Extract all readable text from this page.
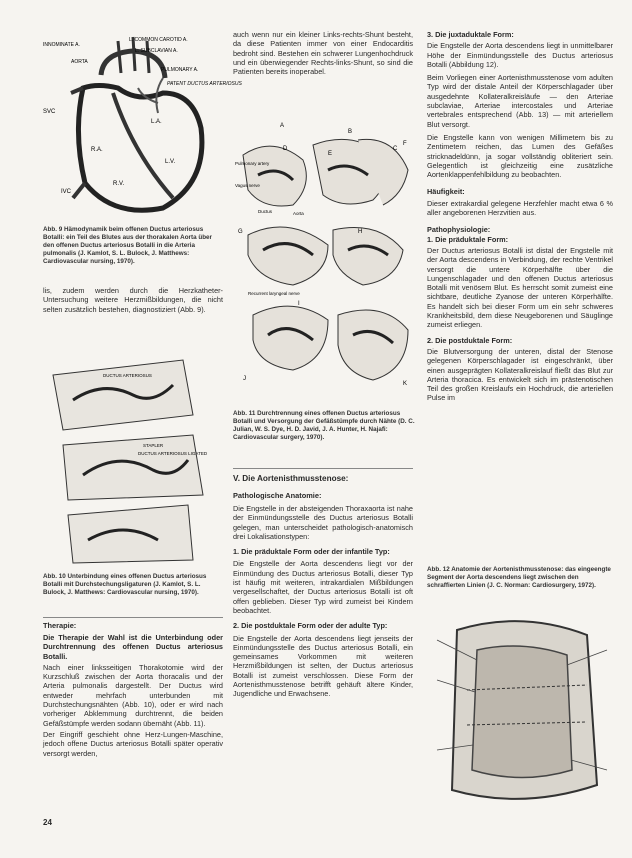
INNOMINATE A.
L. COMMON CAROTID A.
L. SUBCLAVIAN A.
AORTA
PULMONARY A.
PATENT DUCTUS ARTERIOSUS
SVC
L.A.
R.A.
L.V.
R.V.
IVC
Abb. 9 Hämodynamik beim offenen Ductus arteriosus Botalli: ein Teil des Blutes aus der thorakalen Aorta über den offenen Ductus arteriosus Botalli in die Arteria pulmonalis (J. Kamlot, S. L. Bulock, J. Matthews: Cardiovascular nursing, 1970).

lis, zudem werden durch die Herzkatheter-Untersuchung weitere Herzmißbildungen, die nicht selten zusätzlich bestehen, diagnostiziert (Abb. 9).

DUCTUS ARTERIOSUS
STAPLER
DUCTUS ARTERIOSUS LIGATED
Abb. 10 Unterbindung eines offenen Ductus arteriosus Botalli mit Durchstechungsligaturen (J. Kamlot, S. L. Bulock, J. Matthews: Cardiovascular nursing, 1970).
Therapie:

Die Therapie der Wahl ist die Unterbindung oder Durchtrennung des offenen Ductus arteriosus Botalli.

Nach einer linksseitigen Thorakotomie wird der Kurzschluß zwischen der Aorta thoracalis und der Arteria pulmonalis dargestellt. Der Ductus wird entweder mehrfach unterbunden mit Durchstechungsnähten (Abb. 10), oder er wird nach vorheriger Abklemmung durchtrennt, die beiden Gefäßstümpfe werden sodann übernäht (Abb. 11).

Der Eingriff geschieht ohne Herz-Lungen-Maschine, jedoch offene Ductus arteriosus Botalli später operativ versorgt werden,

auch wenn nur ein kleiner Links-rechts-Shunt besteht, da diese Patienten immer von einer Endocarditis bedroht sind. Bestehen ein schwerer Lungenhochdruck und ein überwiegender Rechts-links-Shunt, so sind die Patienten bereits inoperabel.

A
B
C
D
E
F
G	H
I
J
K
Pulmonary artery
Aorta
Ductus
Vagus nerve
Recurrent laryngeal nerve
Abb. 11 Durchtrennung eines offenen Ductus arteriosus Botalli und Versorgung der Gefäßstümpfe durch Nähte (D. C. Julian, W. S. Dye, H. D. Javid, J. A. Hunter, H. Najafi: Cardiovascular surgery, 1970).
V. Die Aortenisthmusstenose:
Pathologische Anatomie:

Die Engstelle in der absteigenden Thoraxaorta ist nahe der Einmündungsstelle des Ductus arteriosus Botalli gelegen, man unterscheidet pathologisch-anatomisch drei Lokalisationstypen:

1. Die präduktale Form oder der infantile Typ:

Die Engstelle der Aorta descendens liegt vor der Einmündung des Ductus arteriosus Botalli, dieser Typ ist häufig mit weiteren, intrakardialen Mißbildungen vergesellschaftet, der Ductus arteriosus Botalli ist oft offen geblieben. Dieser Typ wird zumeist bei Kindern beobachtet.

2. Die postduktale Form oder der adulte Typ:

Die Engstelle der Aorta descendens liegt jenseits der Einmündungsstelle des Ductus arteriosus Botalli, ein gemeinsames Vorkommen mit weiteren Herzmißbildungen ist selten, der Ductus arteriosus Botalli ist zumeist verschlossen. Diese Form der Aortenisthmusstenose betrifft gehäuft ältere Kinder, Jugendliche und Erwachsene.

3. Die juxtaduktale Form:

Die Engstelle der Aorta descendens liegt in unmittelbarer Höhe der Einmündungsstelle des Ductus arteriosus Botalli (Abbildung 12).

Beim Vorliegen einer Aortenisthmusstenose vom adulten Typ wird der distale Anteil der Körperschlagader über ausgedehnte Kollateralkreisläufe — den Arteriae subclaviae, Arteriae intercostales und Arteriae vertebrales entsprechend (Abb. 13) — mit arteriellem Blut versorgt.

Die Engstelle kann von wenigen Millimetern bis zu Zentimetern reichen, das Lumen des Gefäßes stricknadeldünn, ja sogar vollständig obliteriert sein. Gelegentlich ist gleichzeitig eine zusätzliche Aortenklappenfehlbildung zu beobachten.

Häufigkeit:

Dieser extrakardial gelegene Herzfehler macht etwa 6 % aller angeborenen Herzvitien aus.

Pathophysiologie:

1. Die präduktale Form:

Der Ductus arteriosus Botalli ist distal der Engstelle mit der Aorta descendens in Verbindung, der rechte Ventrikel versorgt die untere Körperhälfte über die Lungenschlagader und den offenen Ductus arteriosus Botalli mit venösem Blut. Es herrscht somit zumeist eine sichtbare, deutliche Zyanose der unteren Körperhälfte. Es handelt sich bei dieser Form um ein sehr schweres Krankheitsbild, dem diese Neugeborenen und Säuglinge zumeist erliegen.

2. Die postduktale Form:

Die Blutversorgung der unteren, distal der Stenose gelegenen Körperschlagader ist eingeschränkt, über einen ausgeprägten Kollateralkreislauf fließt das Blut zur Arteria thoracica. Es entwickelt sich im prästenotischen Teil des großen Kreislaufs ein Hochdruck, die arteriellen Pulse im

Abb. 12 Anatomie der Aortenisthmusstenose: das eingeengte Segment der Aorta descendens liegt zwischen den schraffierten Linien (J. C. Norman: Cardiosurgery, 1972).
24
